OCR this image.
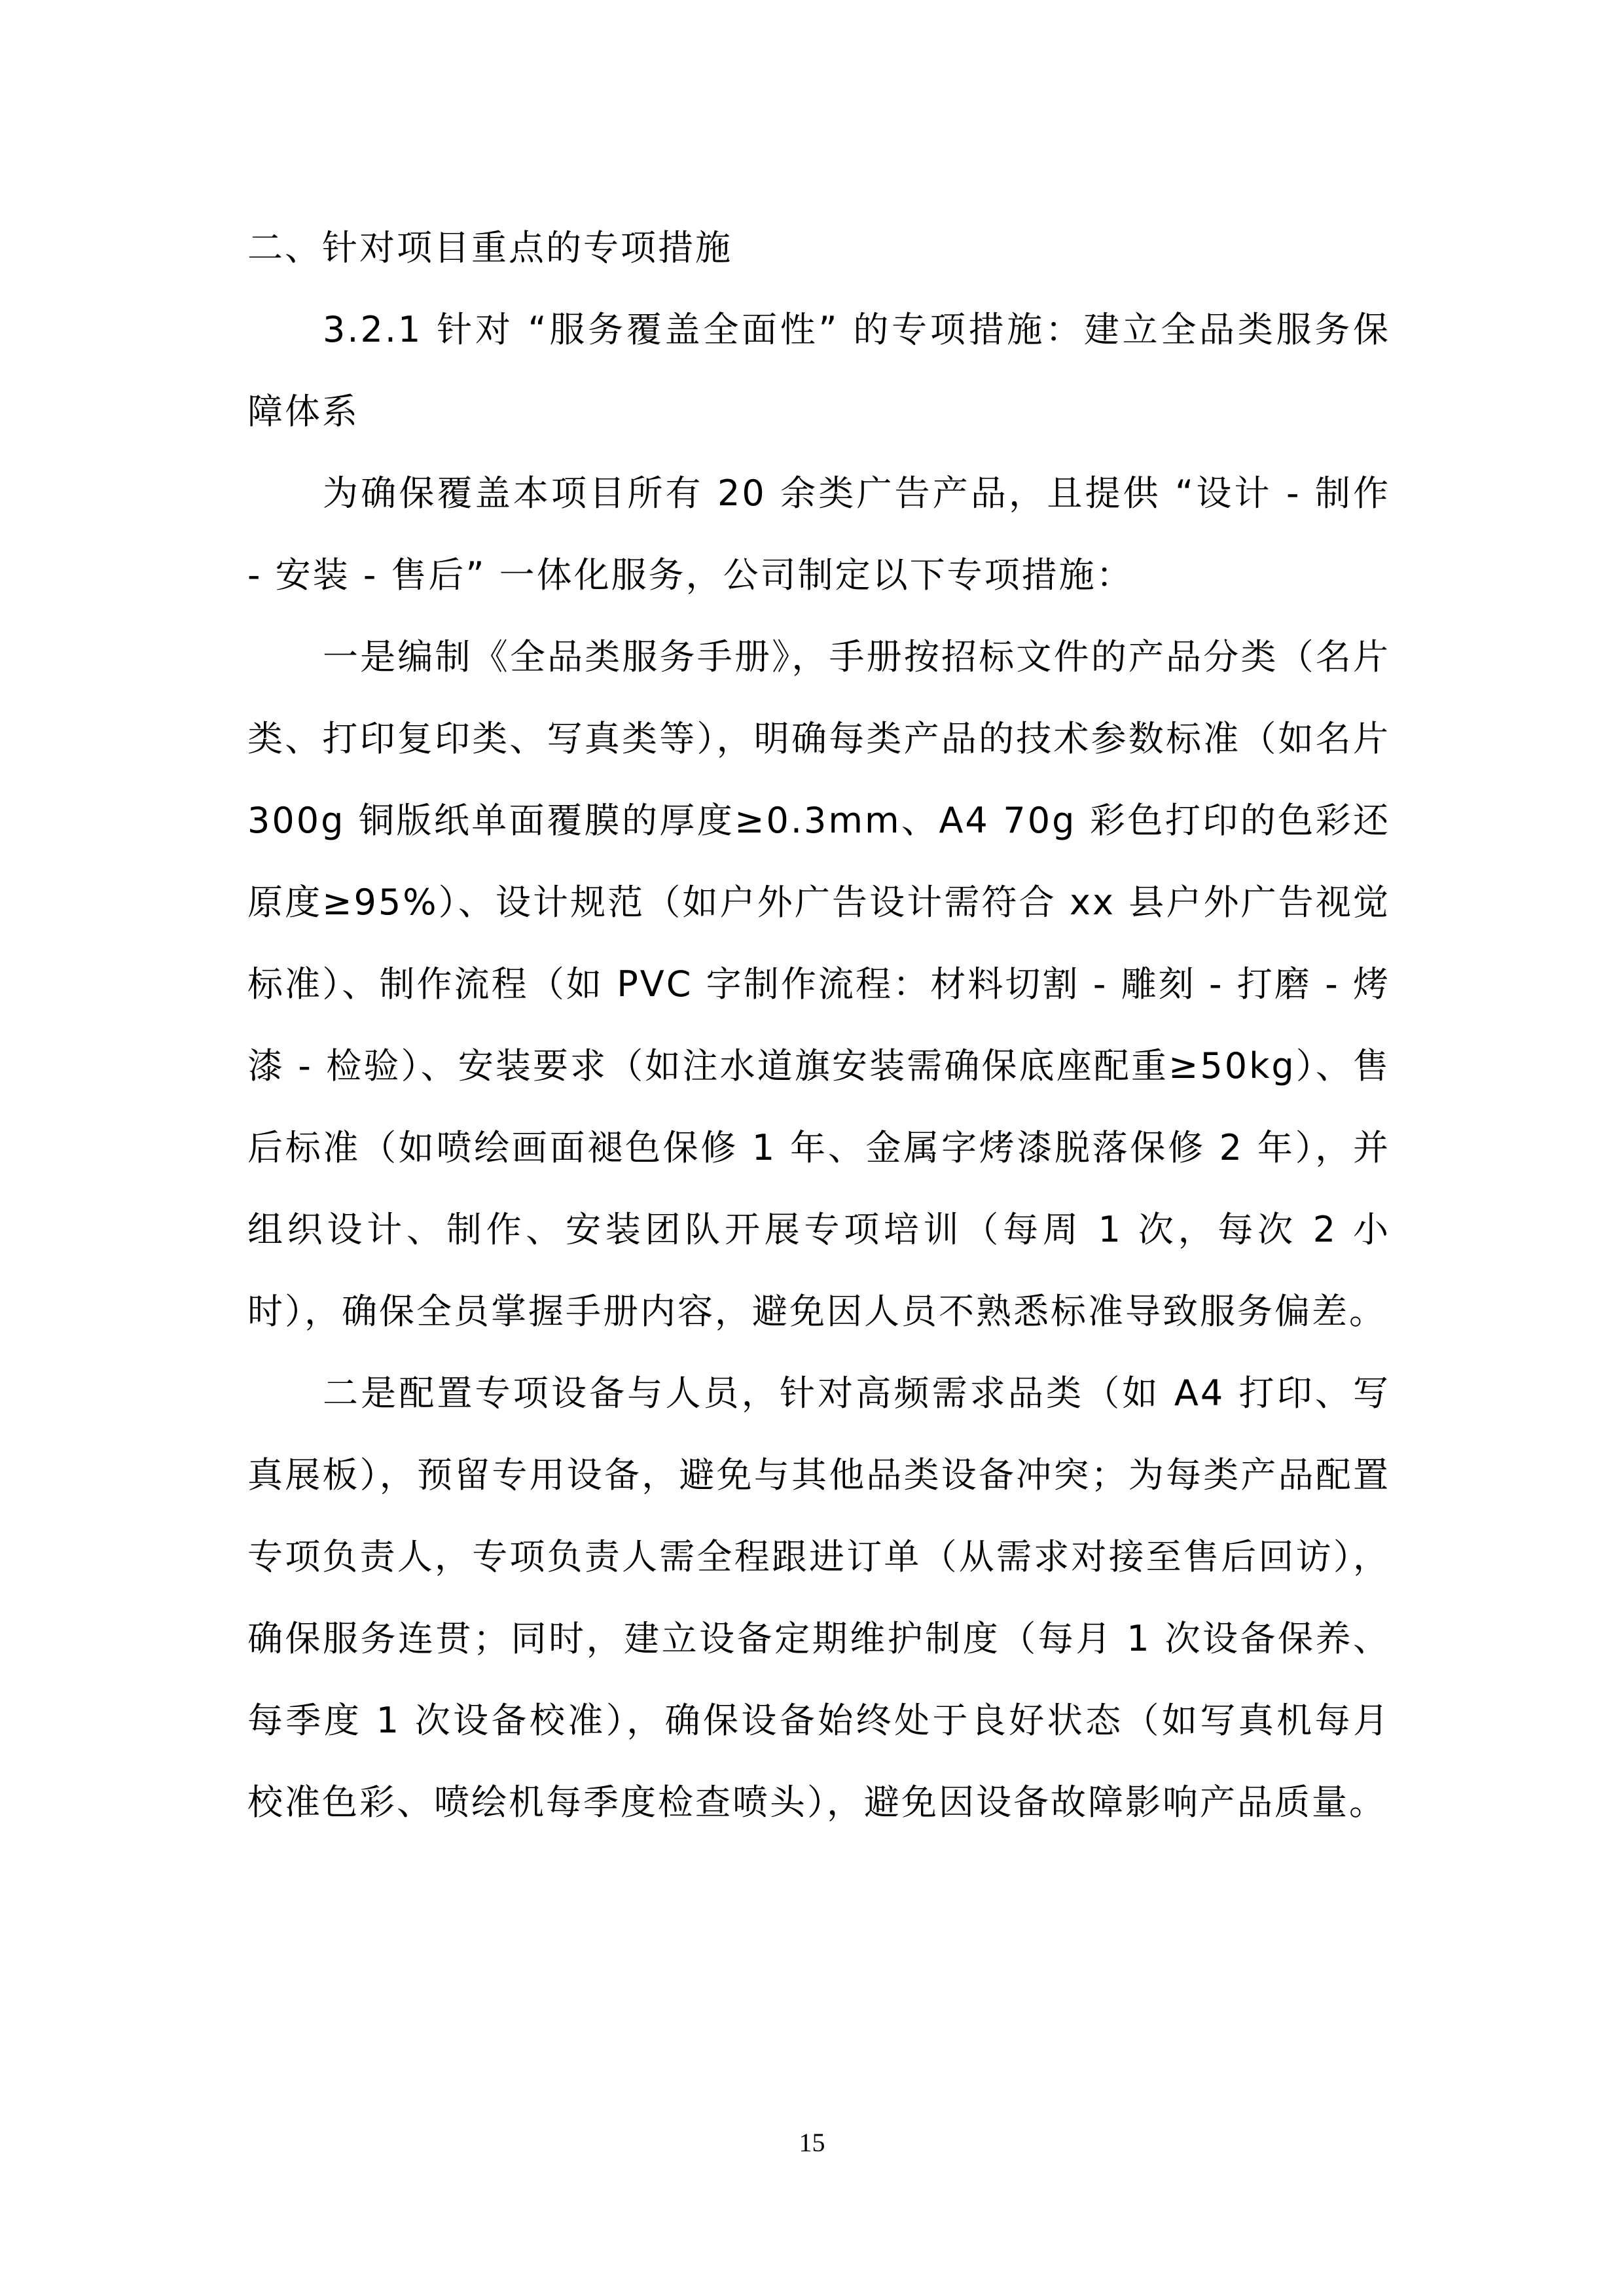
二、针对项目重点的专项措施

3.2.1 针对 “服务覆盖全面性” 的专项措施：建立全品类服务保障体系

为确保覆盖本项目所有 20 余类广告产品，且提供 “设计 - 制作 - 安装 - 售后” 一体化服务，公司制定以下专项措施：

一是编制《全品类服务手册》，手册按招标文件的产品分类（名片类、打印复印类、写真类等），明确每类产品的技术参数标准（如名片 300g 铜版纸单面覆膜的厚度≥0.3mm、A4 70g 彩色打印的色彩还原度≥95%）、设计规范（如户外广告设计需符合 xx 县户外广告视觉标准）、制作流程（如 PVC 字制作流程：材料切割 - 雕刻 - 打磨 - 烤漆 - 检验）、安装要求（如注水道旗安装需确保底座配重≥50kg）、售后标准（如喷绘画面褪色保修 1 年、金属字烤漆脱落保修 2 年），并组织设计、制作、安装团队开展专项培训（每周 1 次，每次 2 小时），确保全员掌握手册内容，避免因人员不熟悉标准导致服务偏差。

二是配置专项设备与人员，针对高频需求品类（如 A4 打印、写真展板），预留专用设备，避免与其他品类设备冲突；为每类产品配置专项负责人，专项负责人需全程跟进订单（从需求对接至售后回访），确保服务连贯；同时，建立设备定期维护制度（每月 1 次设备保养、每季度 1 次设备校准），确保设备始终处于良好状态（如写真机每月校准色彩、喷绘机每季度检查喷头），避免因设备故障影响产品质量。

15
